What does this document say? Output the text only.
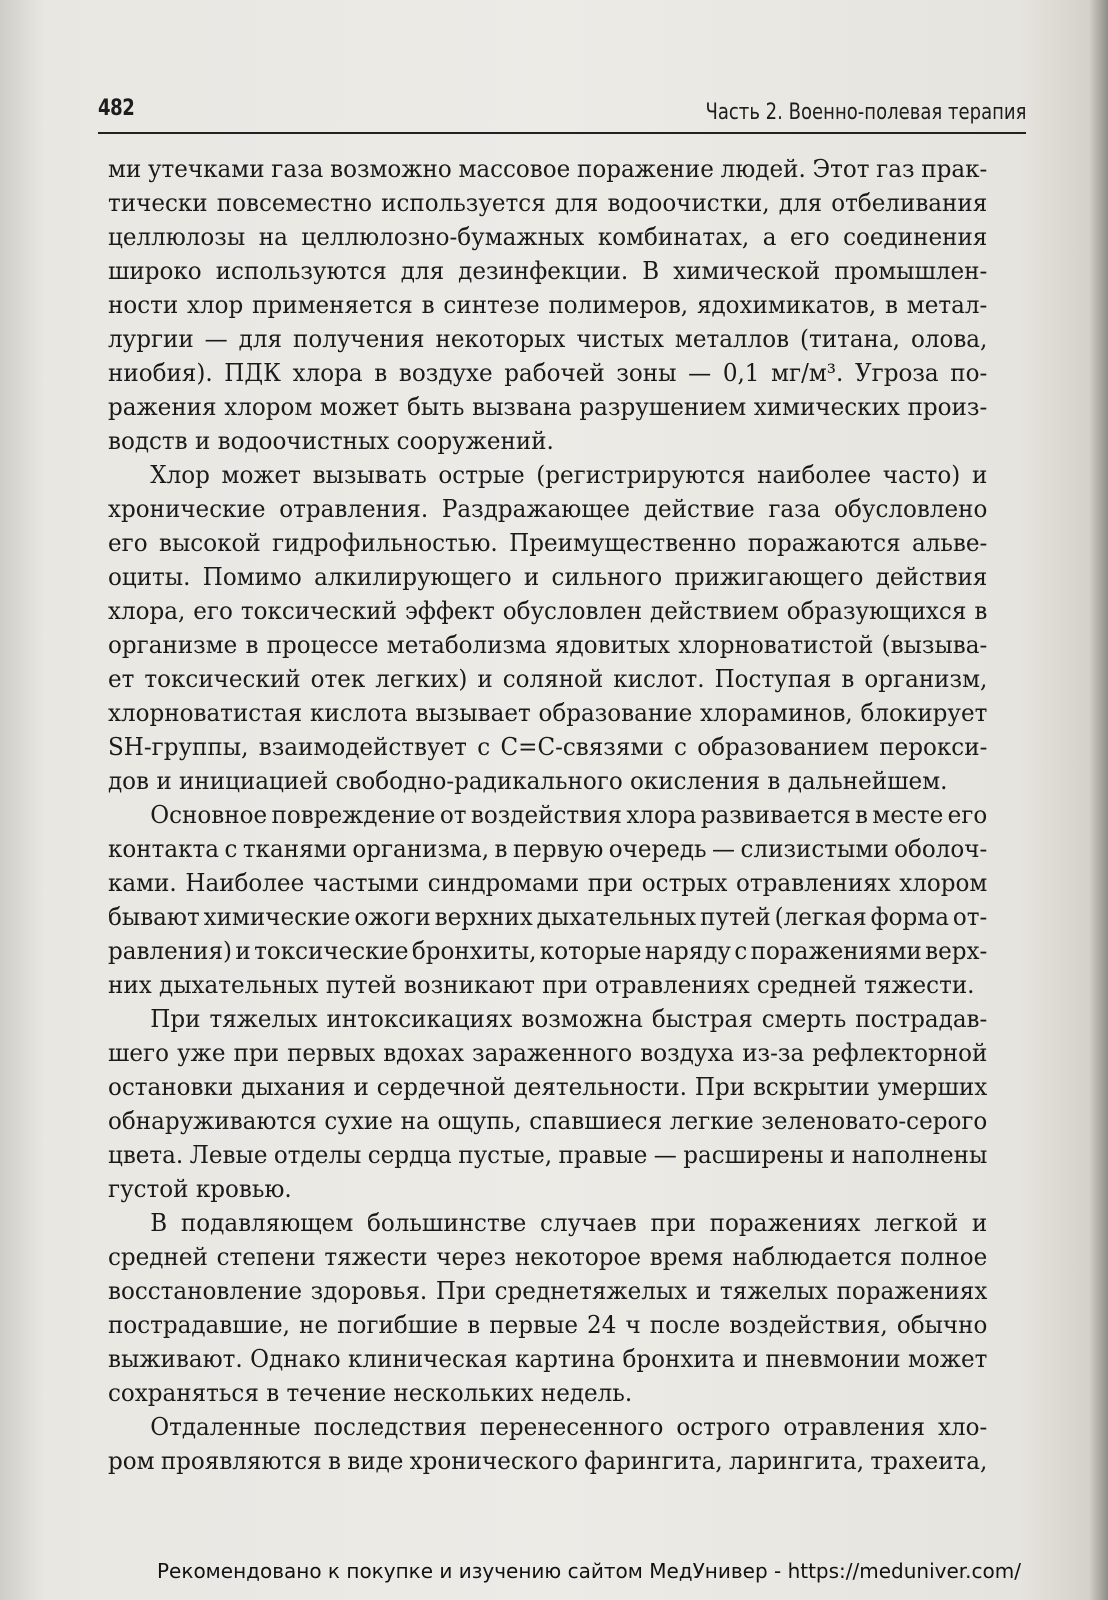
482	Часть 2. Военно-полевая терапия
ми утечками газа возможно массовое поражение людей. Этот газ прак-
тически повсеместно используется для водоочистки, для отбеливания
целлюлозы на целлюлозно-бумажных комбинатах, а его соединения
широко используются для дезинфекции. В химической промышлен-
ности хлор применяется в синтезе полимеров, ядохимикатов, в метал-
лургии — для получения некоторых чистых металлов (титана, олова,
ниобия). ПДК хлора в воздухе рабочей зоны — 0,1 мг/м³. Угроза по-
ражения хлором может быть вызвана разрушением химических произ-
водств и водоочистных сооружений.
Хлор может вызывать острые (регистрируются наиболее часто) и
хронические отравления. Раздражающее действие газа обусловлено
его высокой гидрофильностью. Преимущественно поражаются альве-
оциты. Помимо алкилирующего и сильного прижигающего действия
хлора, его токсический эффект обусловлен действием образующихся в
организме в процессе метаболизма ядовитых хлорноватистой (вызыва-
ет токсический отек легких) и соляной кислот. Поступая в организм,
хлорноватистая кислота вызывает образование хлораминов, блокирует
SH-группы, взаимодействует с С=С-связями с образованием перокси-
дов и инициацией свободно-радикального окисления в дальнейшем.
Основное повреждение от воздействия хлора развивается в месте его
контакта с тканями организма, в первую очередь — слизистыми оболоч-
ками. Наиболее частыми синдромами при острых отравлениях хлором
бывают химические ожоги верхних дыхательных путей (легкая форма от-
равления) и токсические бронхиты, которые наряду с поражениями верх-
них дыхательных путей возникают при отравлениях средней тяжести.
При тяжелых интоксикациях возможна быстрая смерть пострадав-
шего уже при первых вдохах зараженного воздуха из-за рефлекторной
остановки дыхания и сердечной деятельности. При вскрытии умерших
обнаруживаются сухие на ощупь, спавшиеся легкие зеленовато-серого
цвета. Левые отделы сердца пустые, правые — расширены и наполнены
густой кровью.
В подавляющем большинстве случаев при поражениях легкой и
средней степени тяжести через некоторое время наблюдается полное
восстановление здоровья. При среднетяжелых и тяжелых поражениях
пострадавшие, не погибшие в первые 24 ч после воздействия, обычно
выживают. Однако клиническая картина бронхита и пневмонии может
сохраняться в течение нескольких недель.
Отдаленные последствия перенесенного острого отравления хло-
ром проявляются в виде хронического фарингита, ларингита, трахеита,
Рекомендовано к покупке и изучению сайтом МедУнивер - https://meduniver.com/
